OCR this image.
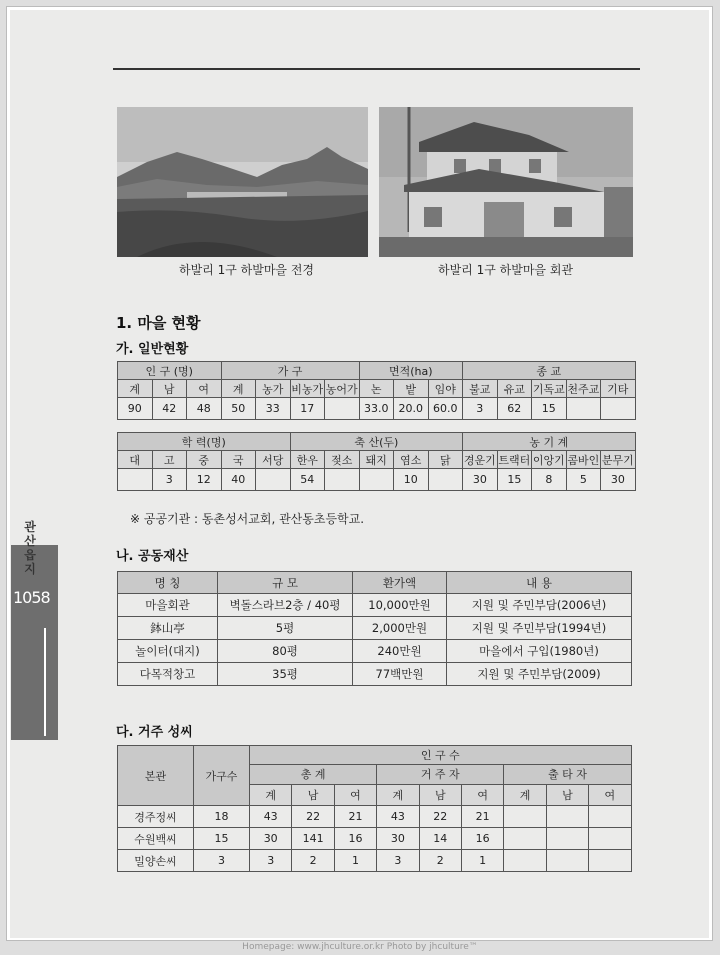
하발리 1구 하발마을 전경	하발리 1구 하발마을 회관
1. 마을 현황
가. 일반현황
인 구 (명)			가 구				면적(ha)			종 교				
계	남	여	계	농가	비농가	농어가	논	밭	임야	불교	유교	기독교	천주교	기타
90	42	48	50	33	17		33.0	20.0	60.0	3	62	15		
학 력(명)					축 산(두)					농 기 계				
대	고	중	국	서당	한우	젖소	돼지	염소	닭	경운기	트랙터	이앙기	콤바인	분무기
	3	12	40		54			10		30	15	8	5	30
※ 공공기관 : 동촌성서교회, 관산동초등학교.
나. 공동재산
명 칭	규 모	환가액	내 용
마을회관	벽돌스라브2층 / 40평	10,000만원	지원 및 주민부담(2006년)
鉢山亭	5평	2,000만원	지원 및 주민부담(1994년)
놀이터(대지)	80평	240만원	마을에서 구입(1980년)
다목적창고	35평	77백만원	지원 및 주민부담(2009)
다. 거주 성씨
본관	가구수	인 구 수								
		총 계			거 주 자			출 타 자		
		계	남	여	계	남	여	계	남	여
경주정씨	18	43	22	21	43	22	21			
수원백씨	15	30	141	16	30	14	16			
밀양손씨	3	3	2	1	3	2	1			
관산읍지
1058
Homepage: www.jhculture.or.kr Photo by jhculture™
